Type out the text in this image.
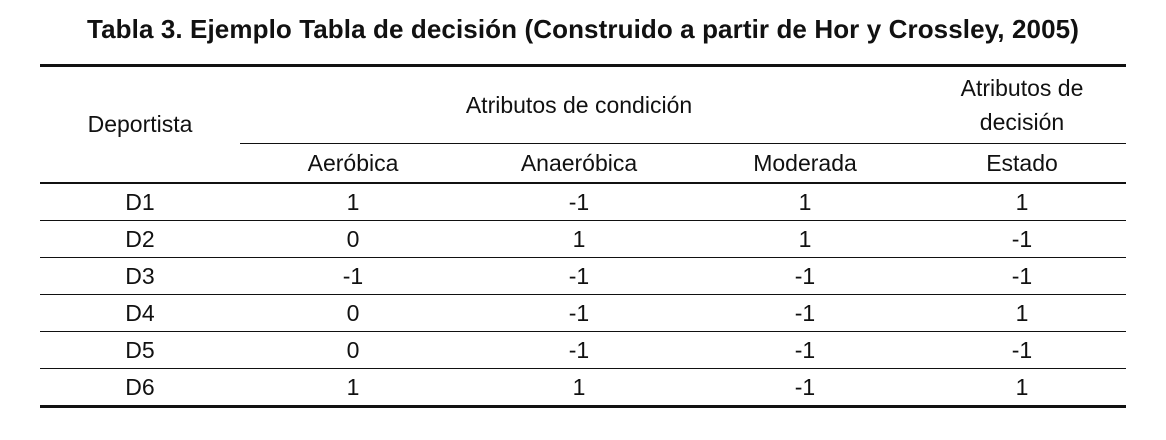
Tabla 3. Ejemplo Tabla de decisión (Construido a partir de Hor y Crossley, 2005)
Deportista	Atributos de condición			Atributos de
decisión

	Aeróbica	Anaeróbica	Moderada	Estado
D1	1	-1	1	1
D2	0	1	1	-1
D3	-1	-1	-1	-1
D4	0	-1	-1	1
D5	0	-1	-1	-1
D6	1	1	-1	1
